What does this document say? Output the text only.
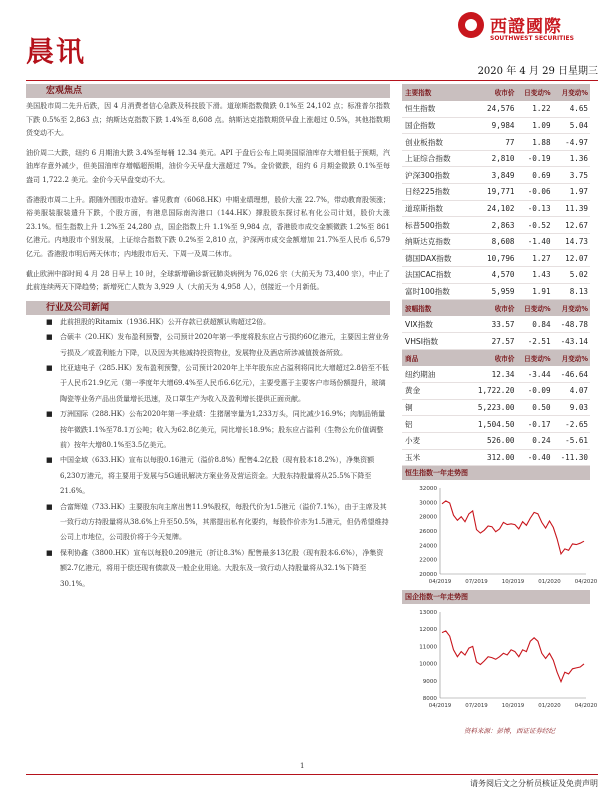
晨讯
西證國際
SOUTHWEST SECURITIES
2020 年 4 月 29 日星期三
宏观焦点

美国股市周二先升后跌，因 4 月消费者信心急跌及科技股下滑。道琼斯指数微跌 0.1%至 24,102 点；标准普尔指数下跌 0.5%至 2,863 点；纳斯达克指数下跌 1.4%至 8,608 点。纳斯达克指数期货早盘上涨超过 0.5%，其他指数期货变动不大。

油价周二大跌，纽约 6 月期油大跌 3.4%至每桶 12.34 美元。API 于盘后公布上周美国原油库存大增但低于预期，汽油库存意外减少，但美国油库存增幅超预期，油价今天早盘大涨超过 7%。金价微跌，纽约 6 月期金微跌 0.1%至每盎司 1,722.2 美元。金价今天早盘变动不大。

香港股市周二上升。跟随外围股市造好。睿见教育（6068.HK）中期业绩理想，股价大涨 22.7%，带动教育股领涨；裕美服装服装遣升下跌，个股方面，有港息国际南沟港口（144.HK）撑股股东探讨私有化公司计划，股价大涨 23.1%。恒生指数上升 1.2%至 24,280 点，国企指数上升 1.1%至 9,984 点，香港股市成交金额微跌 1.2%至 861 亿港元。内地股市个别发展，上证综合指数下跌 0.2%至 2,810 点，沪深两市成交金额增加 21.7%至人民币 6,579 亿元。香港股市明后两天休市；内地股市后天、下周一及周二休市。

截止欧洲中部时间 4 月 28 日早上 10 时，全球新增确诊新冠肺炎病例为 76,026 宗（大前天为 73,400 宗），中止了此前连续两天下降趋势；新增死亡人数为 3,929 人（大前天为 4,958 人），创接近一个月新低。

行业及公司新闻
■ 此前担股的Ritamix（1936.HK）公开存款已获超额认购超过2倍。
■ 合硕丰（20.HK）发布盈利预警，公司预计2020年第一季度将股东应占亏损约60亿港元，主要因主营业务亏损及／或盈利能力下降，以及因为其他减持投资物业，发展物业及酒店所涉减值拨备所致。
■ 比亚迪电子（285.HK）发布盈利预警，公司预计2020年上半年股东应占溢利将同比大增超过2.8倍至不低于人民币21.9亿元（第一季度年大增69.4%至人民币6.6亿元），主要受惠于主要客户市场份额提升，玻璃陶瓷等业务产品出货量增长迅速，及口罩生产为收入及盈利增长提供正面贡献。
■ 万洲国际（288.HK）公布2020年第一季业绩：生猪屠宰量为1,233万头，同比减少16.9%；肉制品销量按年微跌1.1%至78.1万公吨；收入为62.8亿美元，同比增长18.9%；股东应占溢利（生物公允价值调整前）按年大增80.1%至3.5亿美元。
■ 中国金域（633.HK）宣布以每股0.16港元（溢价8.8%）配售4.2亿股（现有股本18.2%），净集资额6,230万港元，将主要用于发展与5G通讯解决方案业务及营运资金。大股东持股量将从25.5%下降至21.6%。
■ 合富辉煌（733.HK）主要股东向主席出售11.9%股权，每股代价为1.5港元（溢价7.1%），由于主席及其一致行动方持股量将从38.6%上升至50.5%，其需提出私有化要约，每股作价亦为1.5港元，但仍希望维持公司上市地位，公司股价将于今天复牌。
■ 保利协鑫（3800.HK）宣布以每股0.209港元（折让8.3%）配售最多13亿股（现有股本6.6%），净集资额2.7亿港元，将用于偿还现有债款及一般企业用途。大股东及一致行动人持股量将从32.1%下降至30.1%。
主要指数	收市价	日变动%	月变动%
恒生指数	24,576	1.22	4.65
国企指数	9,984	1.09	5.04
创业板指数	77	1.88	-4.97
上证综合指数	2,810	-0.19	1.36
沪深300指数	3,849	0.69	3.75
日经225指数	19,771	-0.06	1.97
道琼斯指数	24,102	-0.13	11.39
标普500指数	2,863	-0.52	12.67
纳斯达克指数	8,608	-1.40	14.73
德国DAX指数	10,796	1.27	12.07
法国CAC指数	4,570	1.43	5.02
富时100指数	5,959	1.91	8.13
波幅指数	收市价	日变动%	月变动%
VIX指数	33.57	0.84	-48.78
VHSI指数	27.57	-2.51	-43.14
商品	收市价	日变动%	月变动%
纽约期油	12.34	-3.44	-46.64
黄金	1,722.20	-0.09	4.07
铜	5,223.00	0.50	9.03
铝	1,504.50	-0.17	-2.65
小麦	526.00	0.24	-5.61
玉米	312.00	-0.40	-11.30
恒生指数一年走势图
20000
22000
24000
26000
28000
30000
32000
04/2019	07/2019	10/2019	01/2020	04/2020
国企指数一年走势图
8000
9000
10000
11000
12000
13000
04/2019	07/2019	10/2019	01/2020	04/2020
资料来源：彭博，西证证券经纪
1
请务阅后文之分析员核证及免责声明
